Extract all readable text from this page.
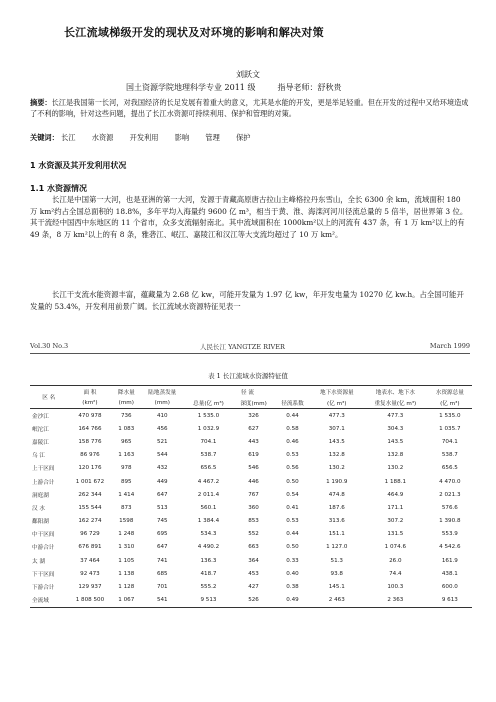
长江流域梯级开发的现状及对环境的影响和解决对策
刘跃文
国土资源学院地理科学专业 2011 级	指导老师：舒秋贵
摘要：长江是我国第一长河，对我国经济的长足发展有着重大的意义，尤其是水能的开发，更是举足轻重。但在开发的过程中又给环境造成了不利的影响，针对这些问题，提出了长江水资源可持续利用、保护和管理的对策。
关键词： 长江 水资源 开发利用 影响 管理 保护
1 水资源及其开发利用状况
1.1 水资源情况
长江是中国第一大河，也是亚洲的第一大河，发源于青藏高原唐古拉山主峰格拉丹东雪山，全长 6300 余 km，流域面积 180 万 km²约占全国总面积的 18.8%，多年平均入海量约 9600 亿 m³，相当于黄、淮、海滦河河川径流总量的 5 倍半，居世界第 3 位。其干流经中国西中东地区的 11 个省市，众多支流辐射南北。其中流域面积在 1000km²以上的河流有 437 条，有 1 万 km²以上的有 49 条，8 万 km²以上的有 8 条，雅砻江、岷江、嘉陵江和汉江等大支流均超过了 10 万 km²。
长江干支流水能资源丰富，蕴藏量为 2.68 亿 kw，可能开发量为 1.97 亿 kw，年开发电量为 10270 亿 kw.h。占全国可能开发量的 53.4%，开发利用前景广阔。长江流域水资源特征见表一
Vol.30 No.3	人民长江 YANGTZE RIVER	March 1999
表 1 长江流域水资源特征值
区 名	面 积	降水量	陆地蒸发量	径 流			地下水资源量	地表水、地下水	水资源总量
	(km²)	(mm)	(mm)	总量(亿 m³)	深度(mm)	径流系数	(亿 m³)	重复水量(亿 m³)	(亿 m³)
金沙江	470 978	736	410	1 535.0	326	0.44	477.3	477.3	1 535.0
岷沱江	164 766	1 083	456	1 032.9	627	0.58	307.1	304.3	1 035.7
嘉陵江	158 776	965	521	704.1	443	0.46	143.5	143.5	704.1
乌 江	86 976	1 163	544	538.7	619	0.53	132.8	132.8	538.7
上干区间	120 176	978	432	656.5	546	0.56	130.2	130.2	656.5
上游合计	1 001 672	895	449	4 467.2	446	0.50	1 190.9	1 188.1	4 470.0
洞庭湖	262 344	1 414	647	2 011.4	767	0.54	474.8	464.9	2 021.3
汉 水	155 544	873	513	560.1	360	0.41	187.6	171.1	576.6
鄱阳湖	162 274	1598	745	1 384.4	853	0.53	313.6	307.2	1 390.8
中干区间	96 729	1 248	695	534.3	552	0.44	151.1	131.5	553.9
中游合计	676 891	1 310	647	4 490.2	663	0.50	1 127.0	1 074.6	4 542.6
太 湖	37 464	1 105	741	136.3	364	0.33	51.3	26.0	161.9
下干区间	92 473	1 138	685	418.7	453	0.40	93.8	74.4	438.1
下游合计	129 937	1 128	701	555.2	427	0.38	145.1	100.3	600.0
全流域	1 808 500	1 067	541	9 513	526	0.49	2 463	2 363	9 613
